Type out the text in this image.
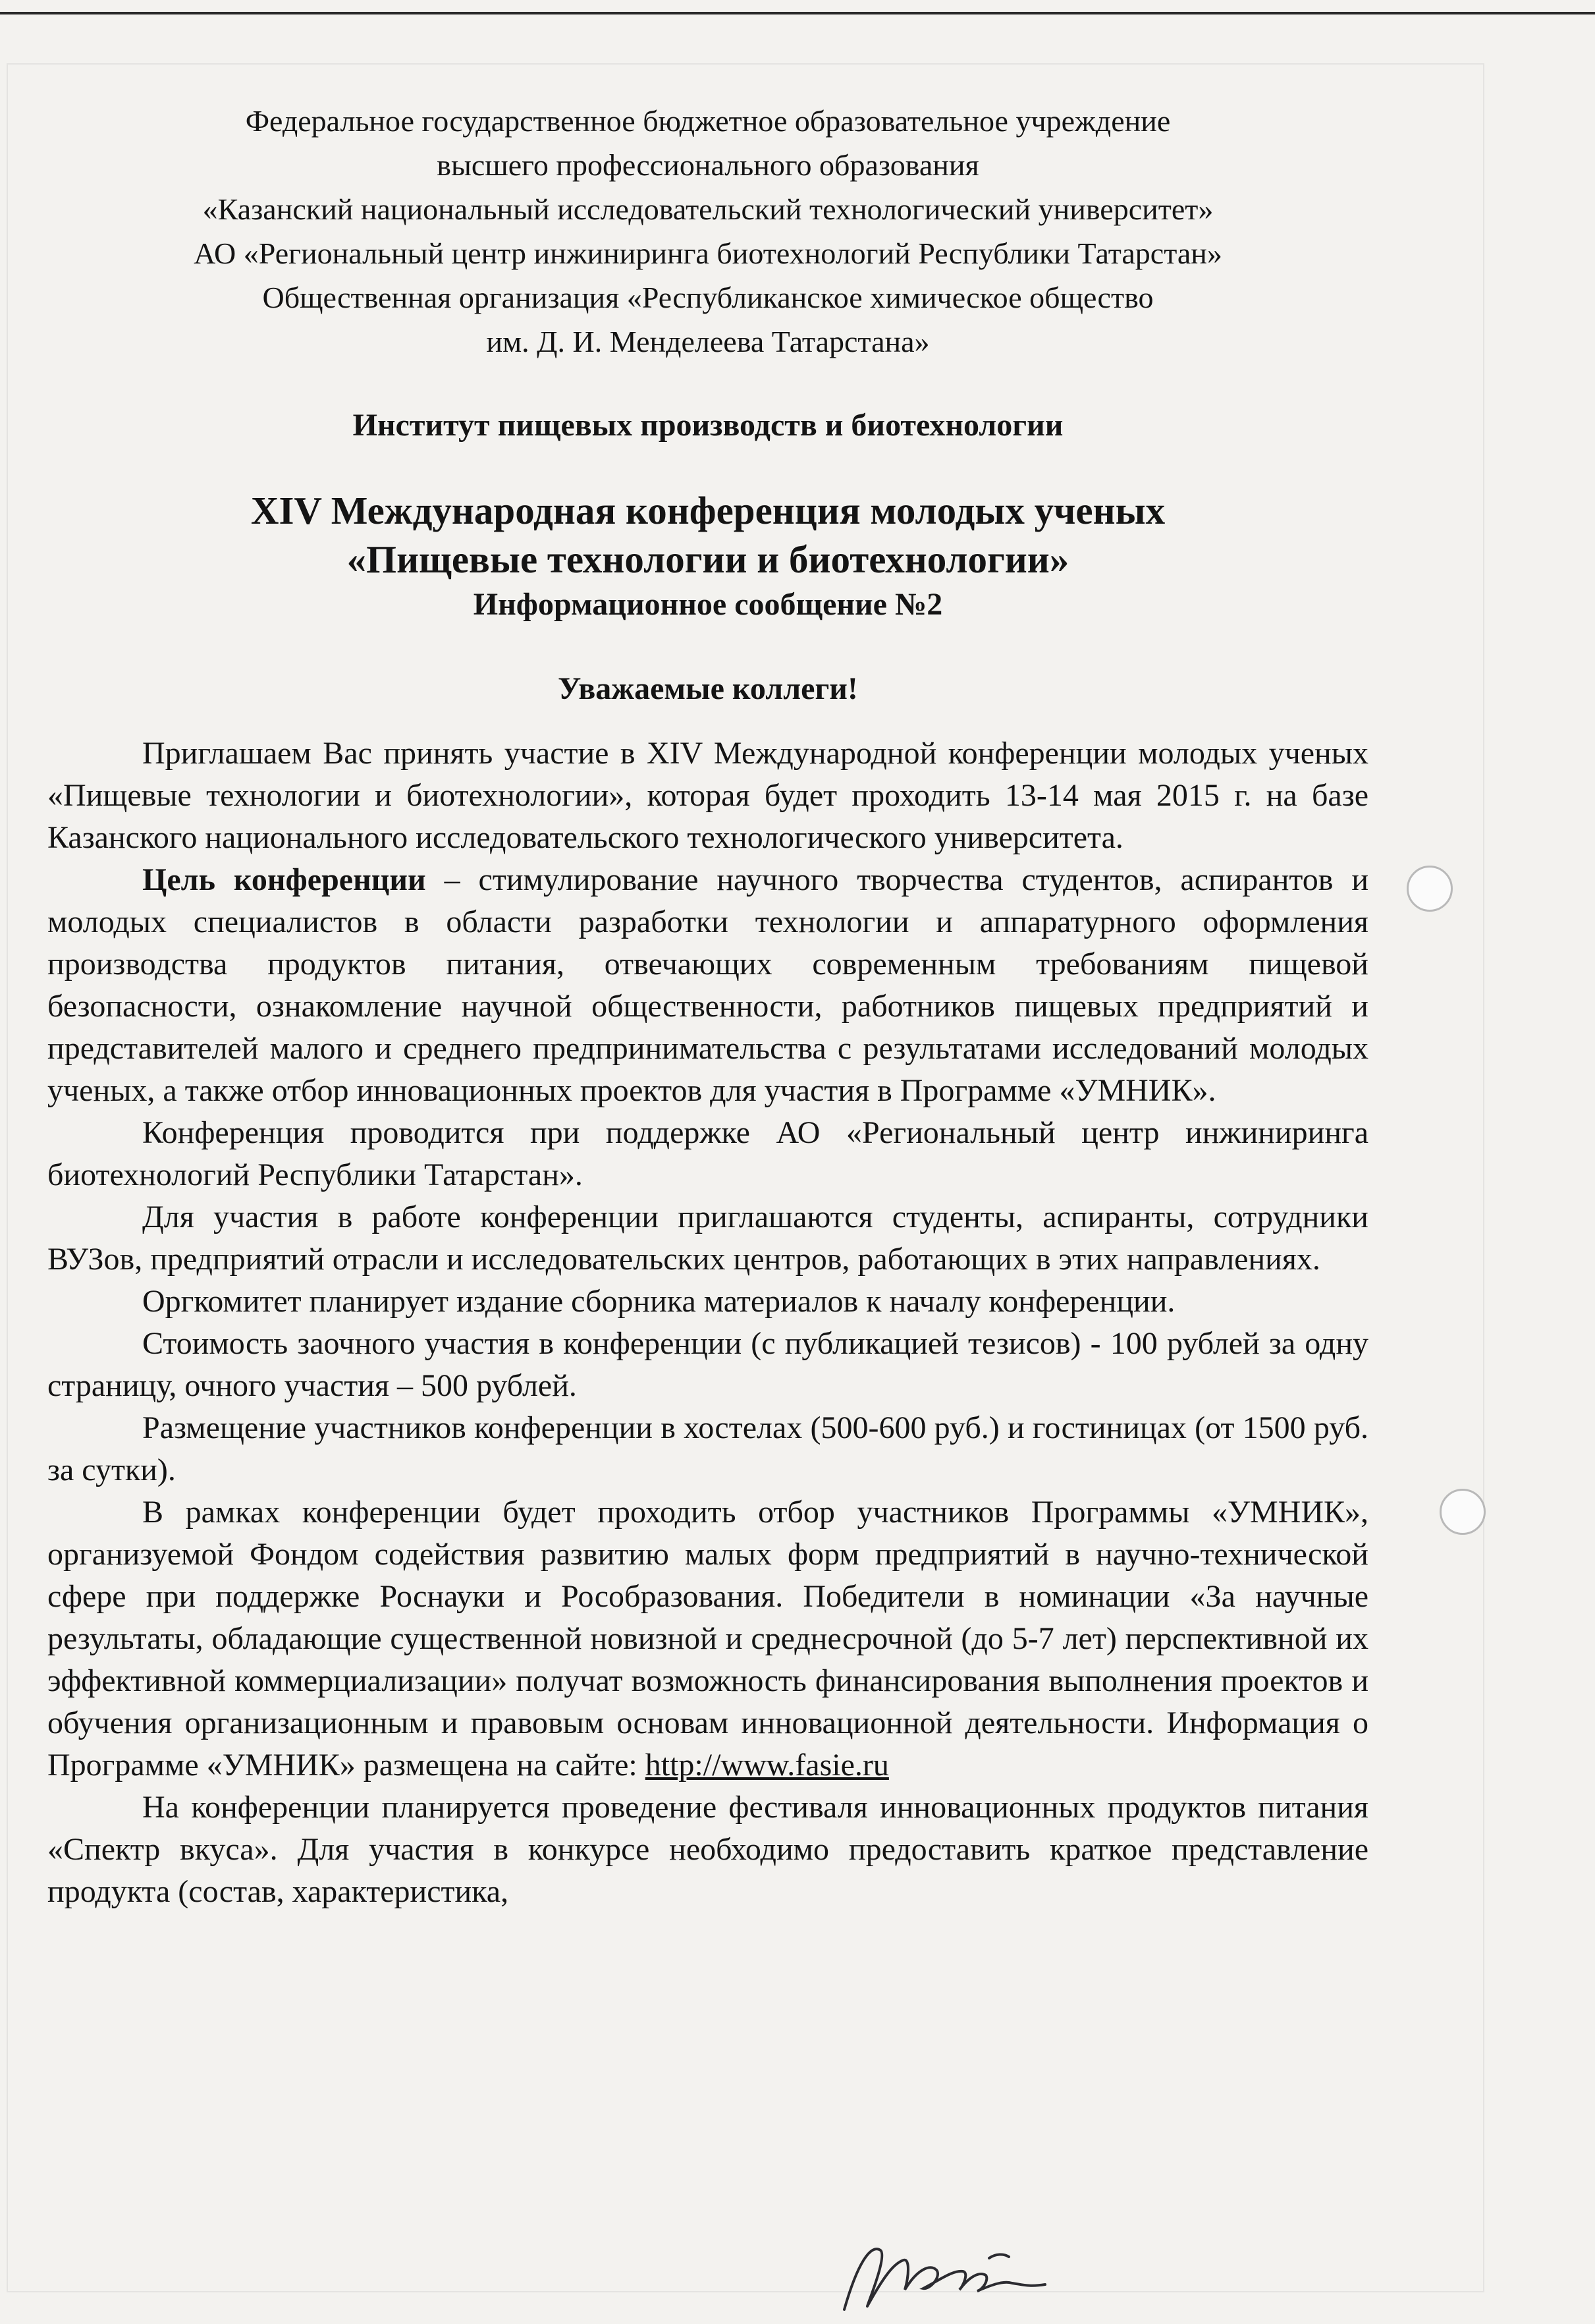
Федеральное государственное бюджетное образовательное учреждение
высшего профессионального образования
«Казанский национальный исследовательский технологический университет»
АО «Региональный центр инжиниринга биотехнологий Республики Татарстан»
Общественная организация «Республиканское химическое общество
им. Д. И. Менделеева Татарстана»
Институт пищевых производств и биотехнологии
XIV Международная конференция молодых ученых
«Пищевые технологии и биотехнологии»
Информационное сообщение №2
Уважаемые коллеги!

Приглашаем Вас принять участие в XIV Международной конференции молодых ученых «Пищевые технологии и биотехнологии», которая будет проходить 13-14 мая 2015 г. на базе Казанского национального исследовательского технологического университета.

Цель конференции – стимулирование научного творчества студентов, аспирантов и молодых специалистов в области разработки технологии и аппаратурного оформления производства продуктов питания, отвечающих современным требованиям пищевой безопасности, ознакомление научной общественности, работников пищевых предприятий и представителей малого и среднего предпринимательства с результатами исследований молодых ученых, а также отбор инновационных проектов для участия в Программе «УМНИК».

Конференция проводится при поддержке АО «Региональный центр инжиниринга биотехнологий Республики Татарстан».

Для участия в работе конференции приглашаются студенты, аспиранты, сотрудники ВУЗов, предприятий отрасли и исследовательских центров, работающих в этих направлениях.

Оргкомитет планирует издание сборника материалов к началу конференции.

Стоимость заочного участия в конференции (с публикацией тезисов) - 100 рублей за одну страницу, очного участия – 500 рублей.

Размещение участников конференции в хостелах (500-600 руб.) и гостиницах (от 1500 руб. за сутки).

В рамках конференции будет проходить отбор участников Программы «УМНИК», организуемой Фондом содействия развитию малых форм предприятий в научно-технической сфере при поддержке Роснауки и Рособразования. Победители в номинации «За научные результаты, обладающие существенной новизной и среднесрочной (до 5-7 лет) перспективной их эффективной коммерциализации» получат возможность финансирования выполнения проектов и обучения организационным и правовым основам инновационной деятельности. Информация о Программе «УМНИК» размещена на сайте: http://www.fasie.ru

На конференции планируется проведение фестиваля инновационных продуктов питания «Спектр вкуса». Для участия в конкурсе необходимо предоставить краткое представление продукта (состав, характеристика,
